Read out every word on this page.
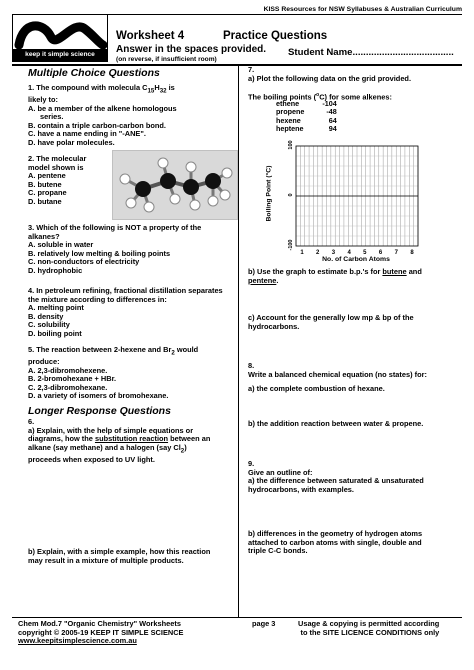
keep it simple science
KISS Resources for NSW Syllabuses & Australian Curriculum
Worksheet 4	Practice Questions
Answer in the spaces provided.
(on reverse, if insufficient room)
Student Name......................................
Multiple Choice Questions
1. The compound with molecula $C_{15}H_{32}$ is
likely to:
A. be a member of the alkene homologous
series.
B. contain a triple carbon-carbon bond.
C. have a name ending in "-ANE".
D. have polar molecules.
2. The molecular
model shown is
A. pentene
B. butene
C. propane
D. butane
3. Which of the following is NOT a property of the
alkanes?
A. soluble in water
B. relatively low melting & boiling points
C. non-conductors of electricity
D. hydrophobic
4. In petroleum refining, fractional distillation separates
the mixture according to differences in:
A. melting point
B. density
C. solubility
D. boiling point
5. The reaction between 2-hexene and $Br_2$ would
produce:
A. 2,3-dibromohexene.
B. 2-bromohexane + HBr.
C. 2,3-dibromohexane.
D. a variety of isomers of bromohexane.
Longer Response Questions
6.
a) Explain, with the help of simple equations or
diagrams, how the substitution reaction between an
alkane (say methane) and a halogen (say $Cl_2$)
proceeds when exposed to UV light.
b) Explain, with a simple example, how this reaction
may result in a mixture of multiple products.
7.
a) Plot the following data on the grid provided.
The boiling points ($^o$C) for some alkenes:
ethene	-104
propene	-48
hexene	64
heptene	94
Boiling Point (°C)
100
0
-100
1 2 3 4 5 6 7 8
No. of Carbon Atoms
b) Use the graph to estimate b.p.'s for butene and
pentene.
c) Account for the generally low mp & bp of the
hydrocarbons.
8.
Write a balanced chemical equation (no states) for:
a) the complete combustion of hexane.
b) the addition reaction between water & propene.
9.
Give an outline of:
a) the difference between saturated & unsaturated
hydrocarbons, with examples.
b) differences in the geometry of hydrogen atoms
attached to carbon atoms with single, double and
triple C-C bonds.
Chem Mod.7 "Organic Chemistry" Worksheets
copyright © 2005-19 KEEP IT SIMPLE SCIENCE
www.keepitsimplescience.com.au
page 3	Usage & copying is permitted according
to the SITE LICENCE CONDITIONS only
